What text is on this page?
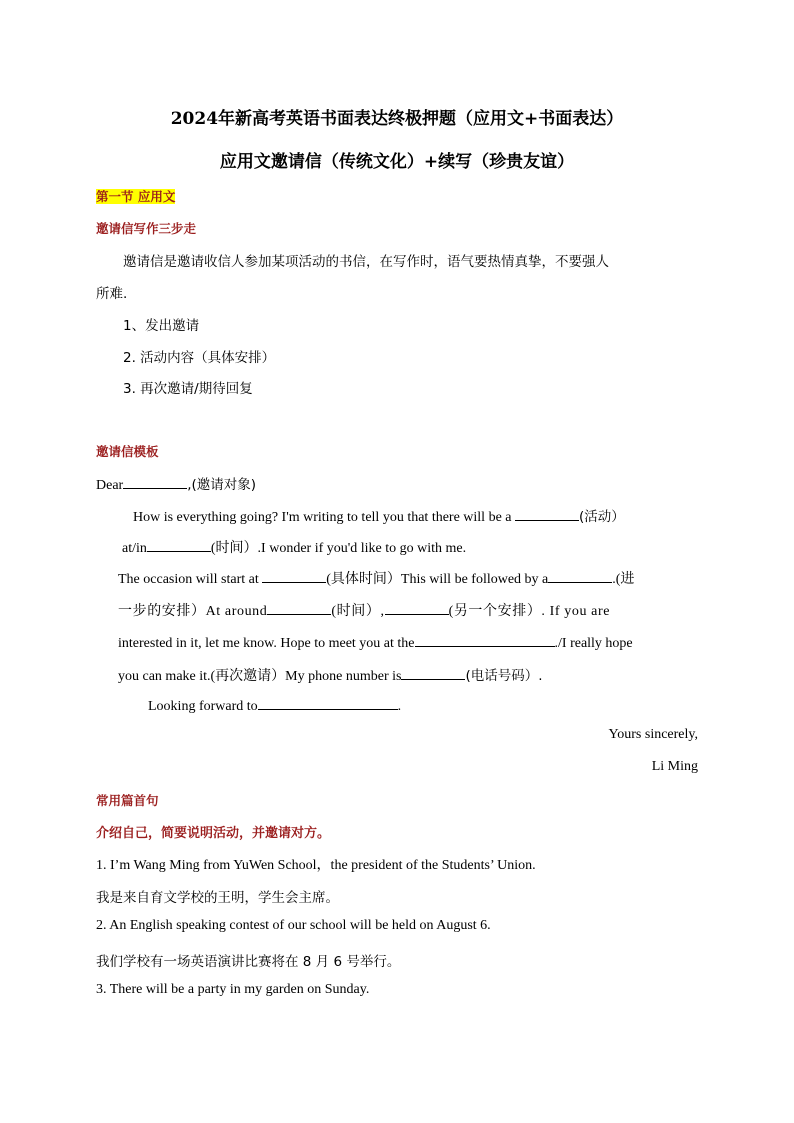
2024年新高考英语书面表达终极押题（应用文+书面表达）
应用文邀请信（传统文化）+续写（珍贵友谊）
第一节 应用文
邀请信写作三步走
邀请信是邀请收信人参加某项活动的书信，在写作时，语气要热情真挚，不要强人
所难.
1、发出邀请
2. 活动内容（具体安排）
3. 再次邀请/期待回复
邀请信模板
Dear	,(邀请对象)
How is everything going? I'm writing to tell you that there will be a	(活动）
at/in	(时间）.I wonder if you'd like to go with me.
The occasion will start at	(具体时间）This will be followed by a	.(进
一步的安排）At around	(时间）,	(另一个安排）. If you are
interested in it, let me know. Hope to meet you at the	./I really hope
you can make it.(再次邀请）My phone number is	(电话号码）.
Looking forward to	.
Yours sincerely,
Li Ming
常用篇首句
介绍自己，简要说明活动，并邀请对方。
1. I’m Wang Ming from YuWen School，the president of the Students’ Union.
我是来自育文学校的王明，学生会主席。
2. An English speaking contest of our school will be held on August 6.
我们学校有一场英语演讲比赛将在 8 月 6 号举行。
3. There will be a party in my garden on Sunday.
